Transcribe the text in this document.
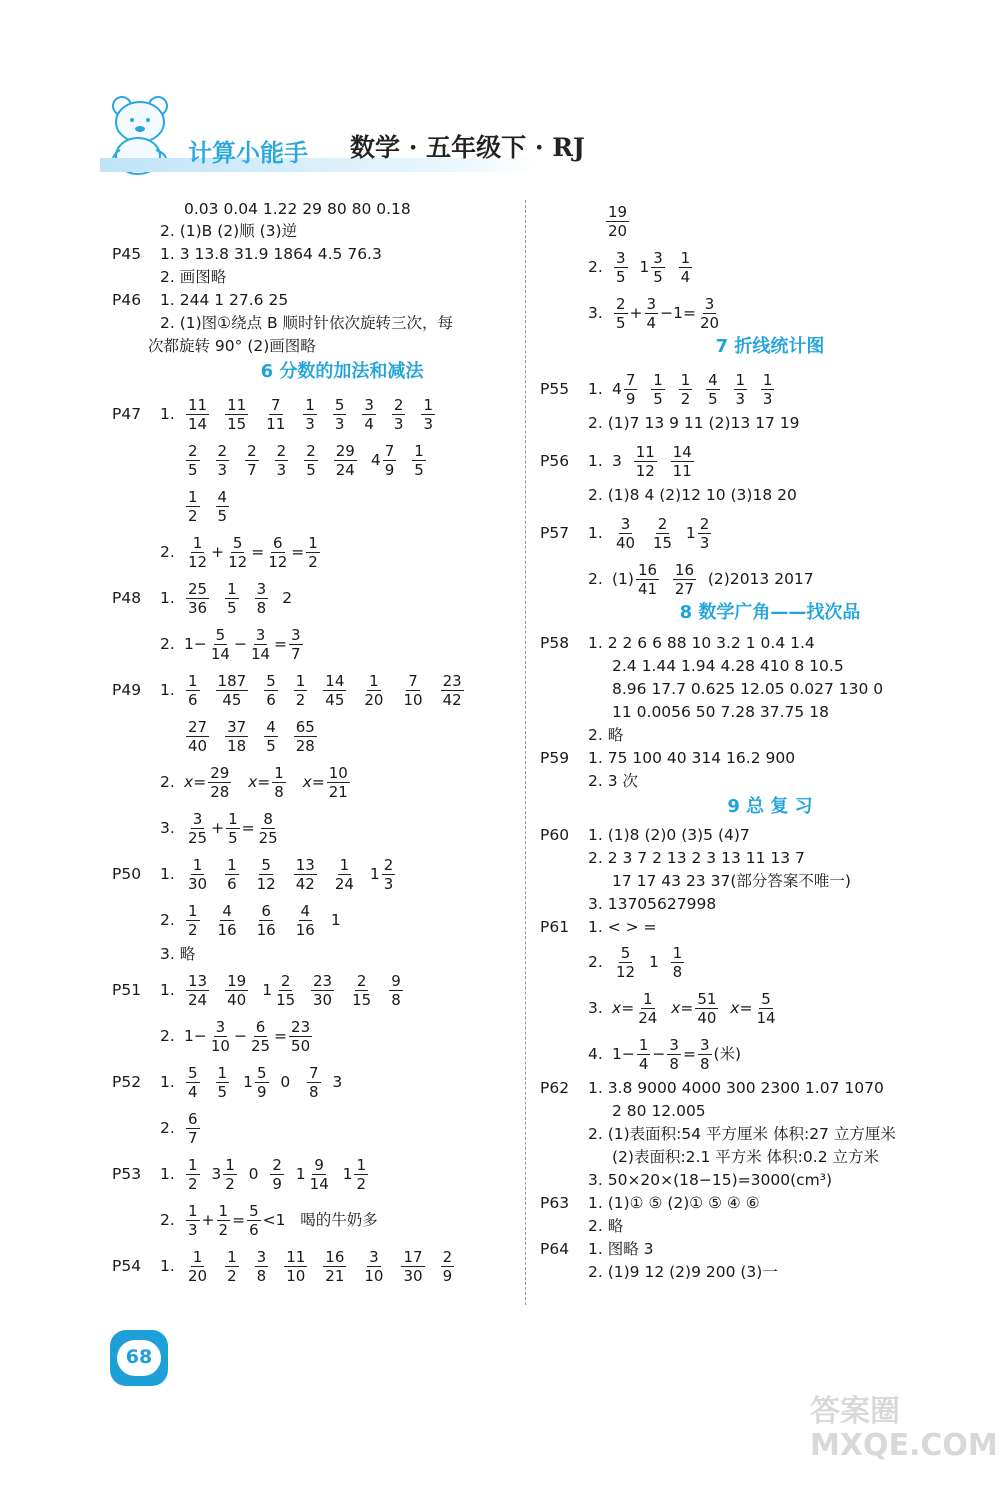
计算小能手 数学 · 五年级下 · RJ
0.03 0.04 1.22 29 80 80 0.18
2. (1)B (2)顺 (3)逆
P45 1. 3 13.8 31.9 1864 4.5 76.3
2. 画图略
P46 1. 244 1 27.6 25
2. (1)图①绕点 B 顺时针依次旋转三次，每
次都旋转 90° (2)画图略
6 分数的加法和减法
P47 1. $\frac{11}{14} \frac{11}{15} \frac{7}{11} \frac{1}{3} \frac{5}{3} \frac{3}{4} \frac{2}{3} \frac{1}{3}$
$\frac{2}{5} \frac{2}{3} \frac{2}{7} \frac{2}{3} \frac{2}{5} \frac{29}{24} 4 \frac{7}{9} \frac{1}{5}$
$\frac{1}{2} \frac{4}{5}$
2. $\frac{1}{12} + \frac{5}{12} = \frac{6}{12} = \frac{1}{2}$
P48 1. $\frac{25}{36} \frac{1}{5} \frac{3}{8} 2$
2. $1- \frac{5}{14} - \frac{3}{14} = \frac{3}{7}$
P49 1. $\frac{1}{6} \frac{187}{45} \frac{5}{6} \frac{1}{2} \frac{14}{45} \frac{1}{20} \frac{7}{10} \frac{23}{42}$
$\frac{27}{40} \frac{37}{18} \frac{4}{5} \frac{65}{28}$
2. $x = \frac{29}{28}$
$x = \frac{1}{8}$
$x = \frac{10}{21}$
3. $\frac{3}{25} + \frac{1}{5} = \frac{8}{25}$
P50 1. $\frac{1}{30} \frac{1}{6} \frac{5}{12} \frac{13}{42} \frac{1}{24} 1 \frac{2}{3}$
2. $\frac{1}{2} \frac{4}{16} \frac{6}{16} \frac{4}{16} 1$
3. 略
P51 1. $\frac{13}{24} \frac{19}{40} 1 \frac{2}{15}$
$\frac{23}{30} \frac{2}{15} \frac{9}{8}$
2. $1- \frac{3}{10} - \frac{6}{25} = \frac{23}{50}$
P52 1. $\frac{5}{4} \frac{1}{5} 1 \frac{5}{9} 0 \frac{7}{8}$
3
2. $\frac{6}{7}$
P53 1. $\frac{1}{2} 3 \frac{1}{2} 0 \frac{2}{9} 1 \frac{9}{14} 1 \frac{1}{2}$
2. $\frac{1}{3} + \frac{1}{2} = \frac{5}{6} <1$ 喝的牛奶多
P54 1. $\frac{1}{20} \frac{1}{2} \frac{3}{8} \frac{11}{10} \frac{16}{21} \frac{3}{10} \frac{17}{30} \frac{2}{9}$
$\frac{19}{20}$
2. $\frac{3}{5} 1 \frac{3}{5}$
$\frac{1}{4}$
3. $\frac{2}{5} + \frac{3}{4} -1= \frac{3}{20}$
7 折线统计图
P55 1. $4 \frac{7}{9}$
$\frac{1}{5}$
$\frac{1}{2}$
$\frac{4}{5}$
$\frac{1}{3}$
$\frac{1}{3}$
2. (1)7 13 9 11 (2)13 17 19
P56 1. $3 \frac{11}{12}$
$\frac{14}{11}$
2. (1)8 4 (2)12 10 (3)18 20
P57 1. $\frac{3}{40}$
$\frac{2}{15} 1 \frac{2}{3}$
2. $(1) \frac{16}{41}$
$\frac{16}{27}$
(2)2013 2017
8 数学广角——找次品
P58 1. 2 2 6 6 88 10 3.2 1 0.4 1.4
2.4 1.44 1.94 4.28 410 8 10.5
8.96 17.7 0.625 12.05 0.027 130 0
11 0.0056 50 7.28 37.75 18
2. 略
P59 1. 75 100 40 314 16.2 900
2. 3 次
9 总 复 习
P60 1. (1)8 (2)0 (3)5 (4)7
2. 2 3 7 2 13 2 3 13 11 13 7
17 17 43 23 37(部分答案不唯一)
3. 13705627998
P61 1. < > =
2. $\frac{5}{12} 1 \frac{1}{8}$
3. $x = \frac{1}{24}$
$x = \frac{51}{40}$
$x = \frac{5}{14}$
4. $1- \frac{1}{4} - \frac{3}{8} = \frac{3}{8}$ (米)
P62 1. 3.8 9000 4000 300 2300 1.07 1070
2 80 12.005
2. (1)表面积:54 平方厘米 体积:27 立方厘米
(2)表面积:2.1 平方米 体积:0.2 立方米
3. 50×20×(18−15)=3000(cm³)
P63 1. (1)① ⑤ (2)① ⑤ ④ ⑥
2. 略
P64 1. 图略 3
2. (1)9 12 (2)9 200 (3)一
68
答案圈 MXQE.COM
